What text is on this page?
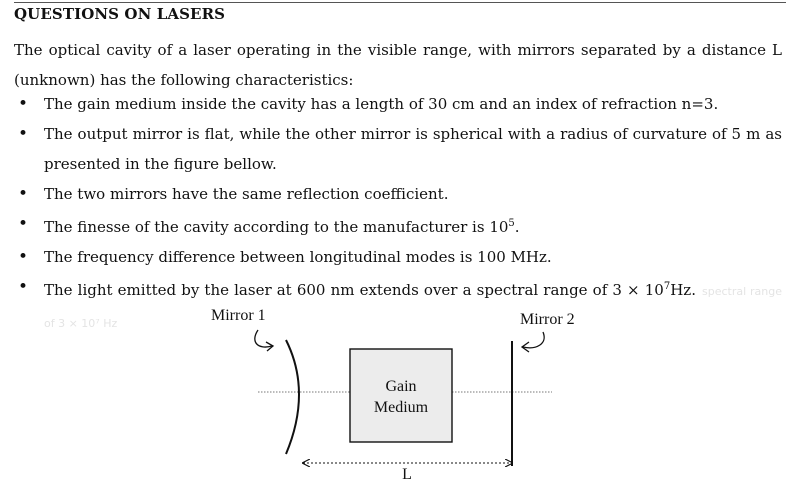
QUESTIONS ON LASERS
The optical cavity of a laser operating in the visible range, with mirrors separated by a distance L (unknown) has the following characteristics:
• The gain medium inside the cavity has a length of 30 cm and an index of refraction n=3.
• The output mirror is flat, while the other mirror is spherical with a radius of curvature of 5 m as presented in the figure bellow.
• The two mirrors have the same reflection coefficient.
• The finesse of the cavity according to the manufacturer is $10^5$.
• The frequency difference between longitudinal modes is 100 MHz.
• The light emitted by the laser at 600 nm extends over a spectral range of $3 \times 10^7Hz$. spectral range of 3 × 10⁷ Hz	Mirror 1	Mirror 2
Gain
Medium
L
